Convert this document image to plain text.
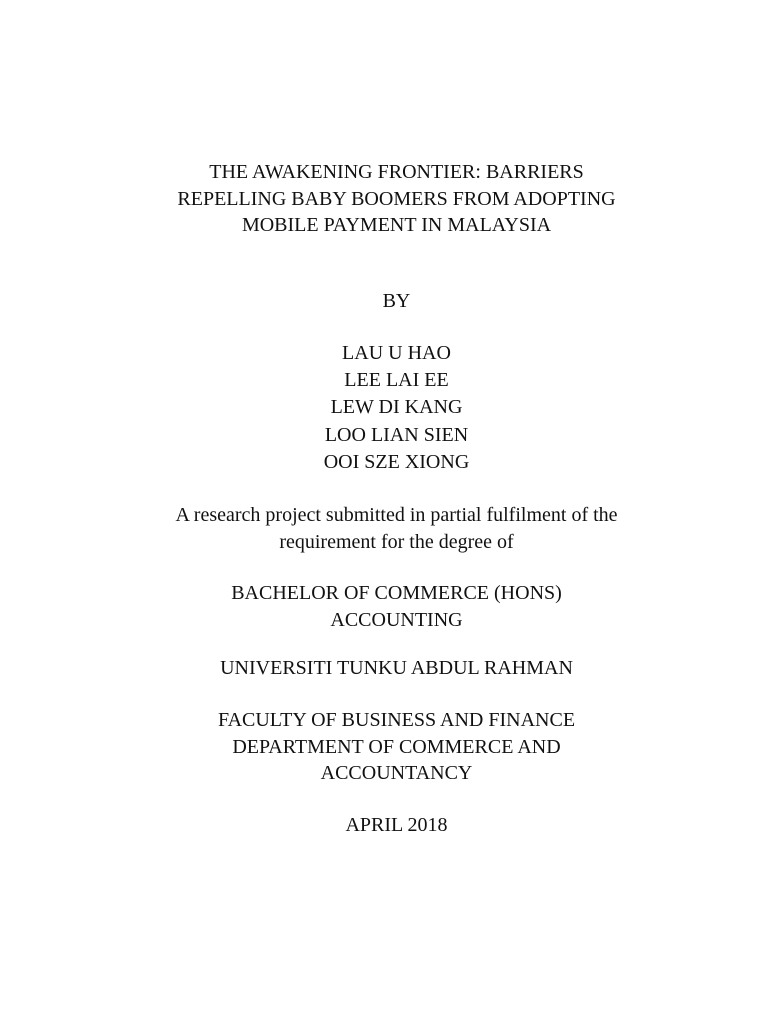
THE AWAKENING FRONTIER: BARRIERS
REPELLING BABY BOOMERS FROM ADOPTING
MOBILE PAYMENT IN MALAYSIA
BY
LAU U HAO
LEE LAI EE
LEW DI KANG
LOO LIAN SIEN
OOI SZE XIONG
A research project submitted in partial fulfilment of the
requirement for the degree of
BACHELOR OF COMMERCE (HONS)
ACCOUNTING
UNIVERSITI TUNKU ABDUL RAHMAN
FACULTY OF BUSINESS AND FINANCE
DEPARTMENT OF COMMERCE AND
ACCOUNTANCY
APRIL 2018
